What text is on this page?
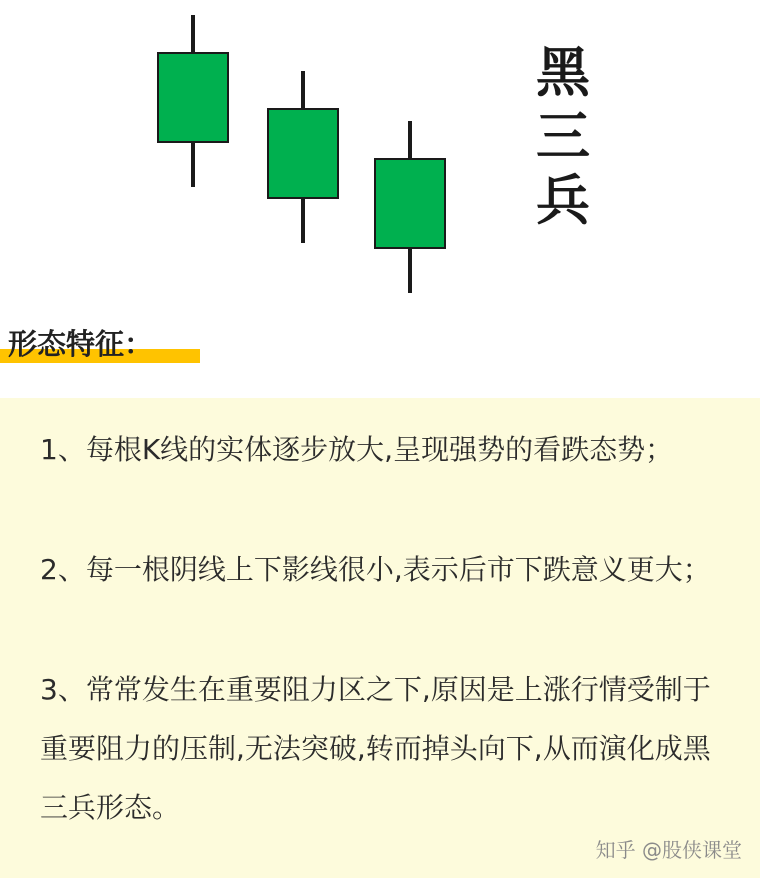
黑
三
兵
形态特征：

1、每根K线的实体逐步放大,呈现强势的看跌态势；

2、每一根阴线上下影线很小,表示后市下跌意义更大；

3、常常发生在重要阻力区之下,原因是上涨行情受制于重要阻力的压制,无法突破,转而掉头向下,从而演化成黑三兵形态。

知乎 @股侠课堂
